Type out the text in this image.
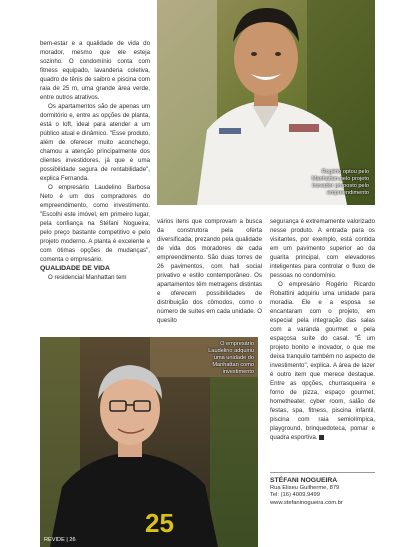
Rogério optou pelo Manhattan pelo projeto inovador proposto pelo empreendimento
25
O empresário Laudelino adquiriu uma unidade do Manhattan como investimento
REVIDE | 26

bem-estar e a qualidade de vida do morador, mesmo que ele esteja sozinho. O condomínio conta com fitness equipado, lavanderia coletiva, quadro de tênis de saibro e piscina com raia de 25 m, uma grande área verde, entre outros atrativos.

Os apartamentos são de apenas um dormitório e, entre as opções de planta, está o loft, ideal para atender a um público atual e dinâmico. "Esse produto, além de oferecer muito aconchego, chamou a atenção principalmente dos clientes investidores, já que é uma possibilidade segura de rentabilidade", explica Fernanda.

O empresário Laudelino Barbosa Neto é um dos compradores do empreendimento, como investimento. "Escolhi este imóvel, em primeiro lugar, pela confiança na Stéfani Nogueira, pelo preço bastante competitivo e pelo projeto moderno. A planta é excelente e com ótimas opções de mudanças", comenta o empresário.

QUALIDADE DE VIDA

O residencial Manhattan tem

vários itens que comprovam a busca da construtora pela oferta diversificada, prezando pela qualidade de vida dos moradores de cada empreendimento. São duas torres de 26 pavimentos, com hall social privativo e estilo contemporâneo. Os apartamentos têm metragens distintas e oferecem possibilidades de distribuição dos cômodos, como o número de suítes em cada unidade. O quesito

segurança é extremamente valorizado nesse produto. A entrada para os visitantes, por exemplo, está contida em um pavimento superior ao da guarita principal, com elevadores inteligentes para controlar o fluxo de pessoas no condomínio.

O empresário Rogério Ricardo Robattini adquiriu uma unidade para moradia. Ele e a esposa se encantaram com o projeto, em especial pela integração das salas com a varanda gourmet e pela espaçosa suíte do casal. "É um projeto bonito e inovador, o que me deixa tranquilo também no aspecto de investimento", explica. A área de lazer é outro item que merece destaque. Entre as opções, churrasqueira e forno de pizza, espaço gourmet, hometheater, cyber room, salão de festas, spa, fitness, piscina infantil, piscina com raia semiolímpica, playground, brinquedoteca, pomar e quadra esportiva.

STÉFANI NOGUEIRA
Rua Eliseu Guilherme, 879
Tel: (16) 4009.9499
www.stefaninogueira.com.br
